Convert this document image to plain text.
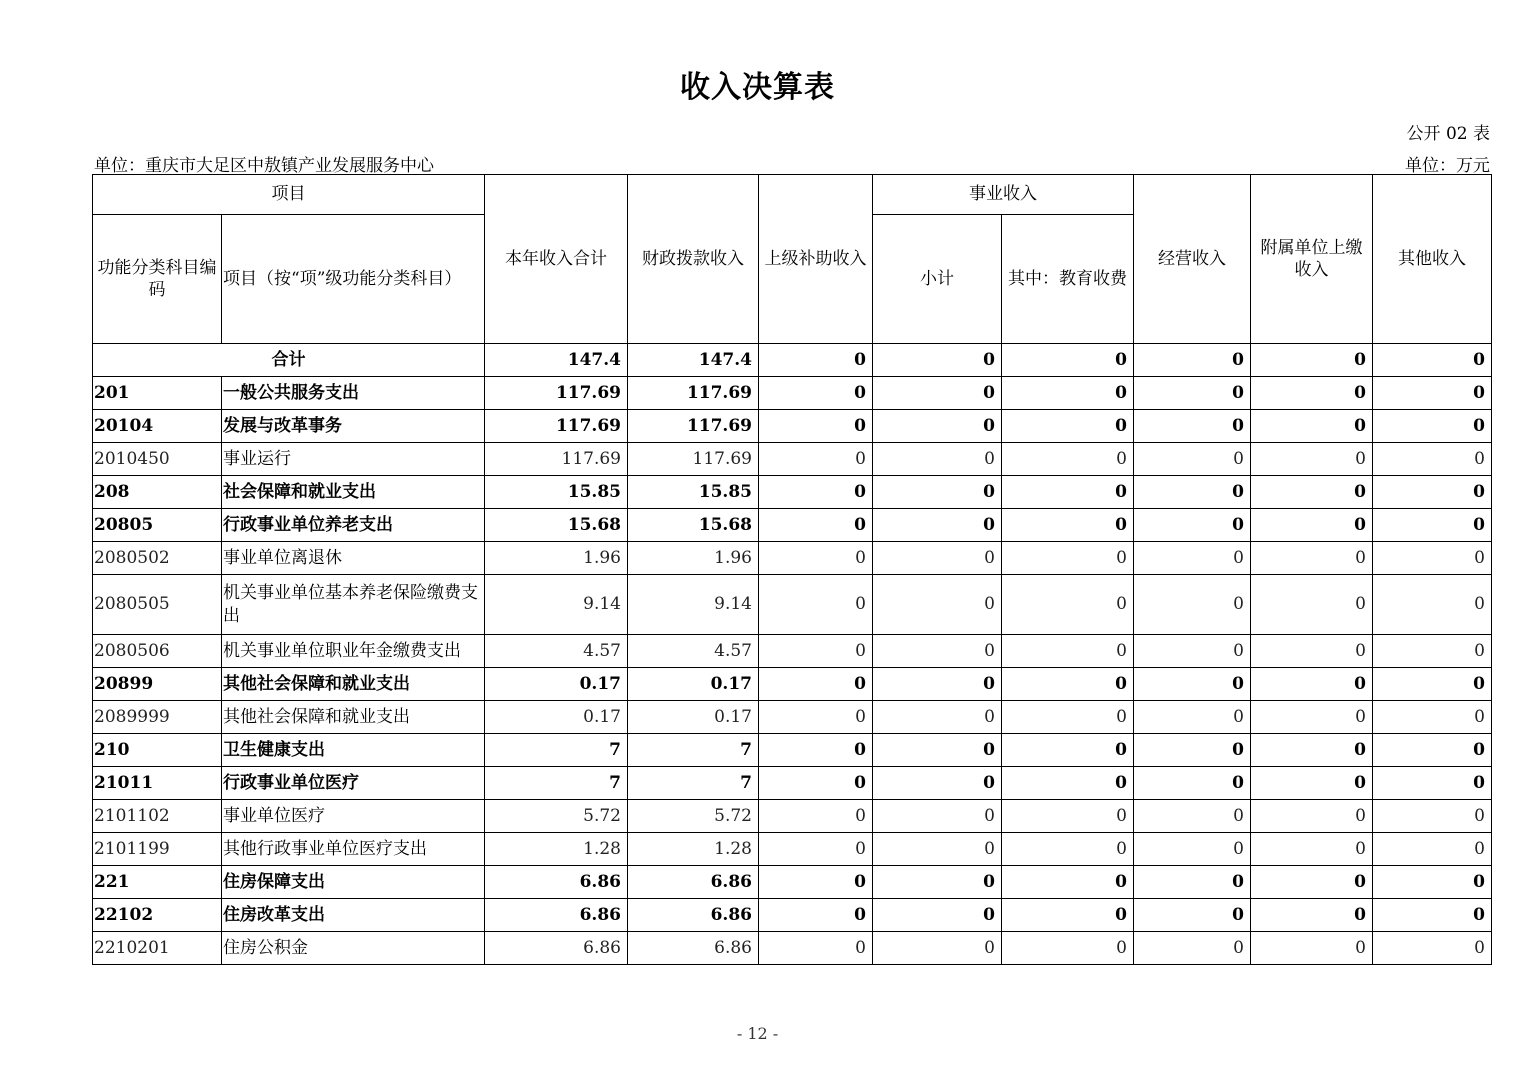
收入决算表
公开 02 表
单位：重庆市大足区中敖镇产业发展服务中心	单位：万元
项目		本年收入合计	财政拨款收入	上级补助收入	事业收入		经营收入	附属单位上缴收入	其他收入
功能分类科目编码	项目（按“项”级功能分类科目）				小计	其中：教育收费			
合计		147.4	147.4	0	0	0	0	0	0
201	一般公共服务支出	117.69	117.69	0	0	0	0	0	0
20104	发展与改革事务	117.69	117.69	0	0	0	0	0	0
2010450	事业运行	117.69	117.69	0	0	0	0	0	0
208	社会保障和就业支出	15.85	15.85	0	0	0	0	0	0
20805	行政事业单位养老支出	15.68	15.68	0	0	0	0	0	0
2080502	事业单位离退休	1.96	1.96	0	0	0	0	0	0
2080505	机关事业单位基本养老保险缴费支出	9.14	9.14	0	0	0	0	0	0
2080506	机关事业单位职业年金缴费支出	4.57	4.57	0	0	0	0	0	0
20899	其他社会保障和就业支出	0.17	0.17	0	0	0	0	0	0
2089999	其他社会保障和就业支出	0.17	0.17	0	0	0	0	0	0
210	卫生健康支出	7	7	0	0	0	0	0	0
21011	行政事业单位医疗	7	7	0	0	0	0	0	0
2101102	事业单位医疗	5.72	5.72	0	0	0	0	0	0
2101199	其他行政事业单位医疗支出	1.28	1.28	0	0	0	0	0	0
221	住房保障支出	6.86	6.86	0	0	0	0	0	0
22102	住房改革支出	6.86	6.86	0	0	0	0	0	0
2210201	住房公积金	6.86	6.86	0	0	0	0	0	0
- 12 -
